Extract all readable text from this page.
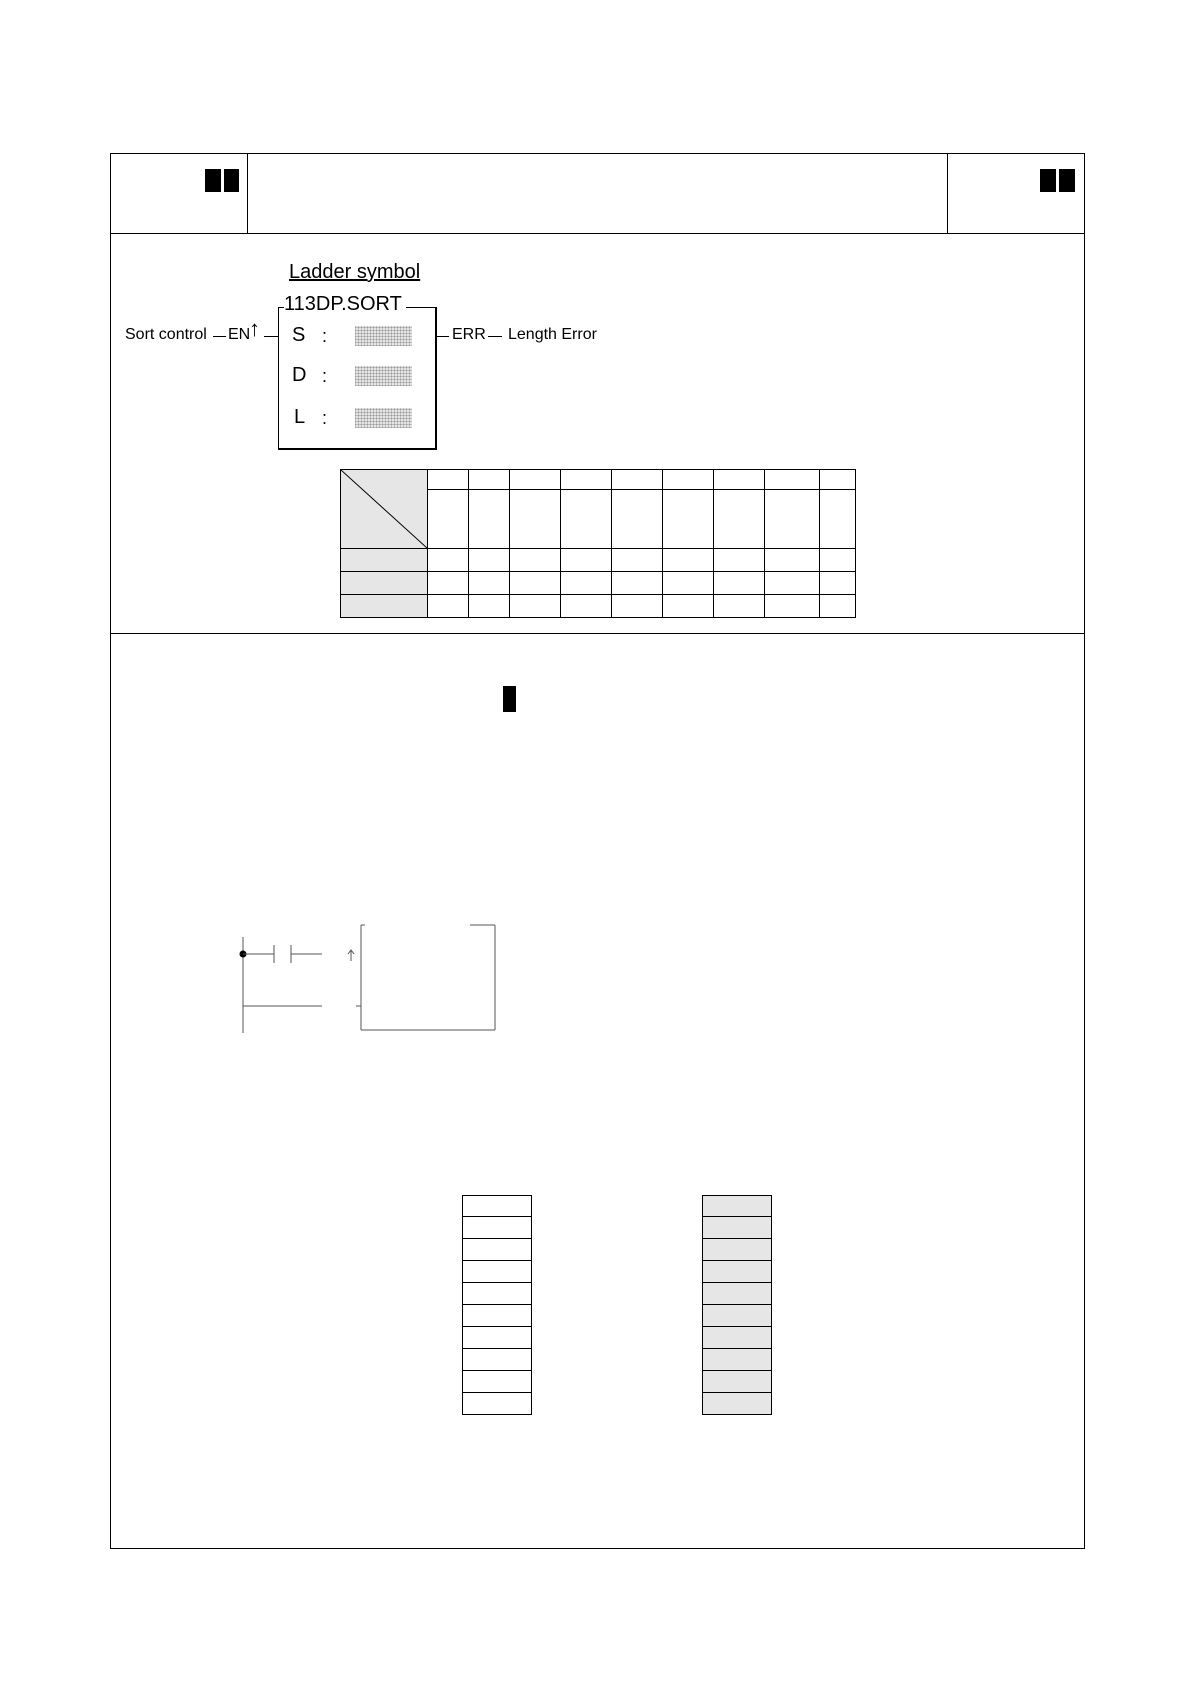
Ladder symbol
113DP.SORT
Sort control EN
↑	ERR Length Error
S :
D :
L :
